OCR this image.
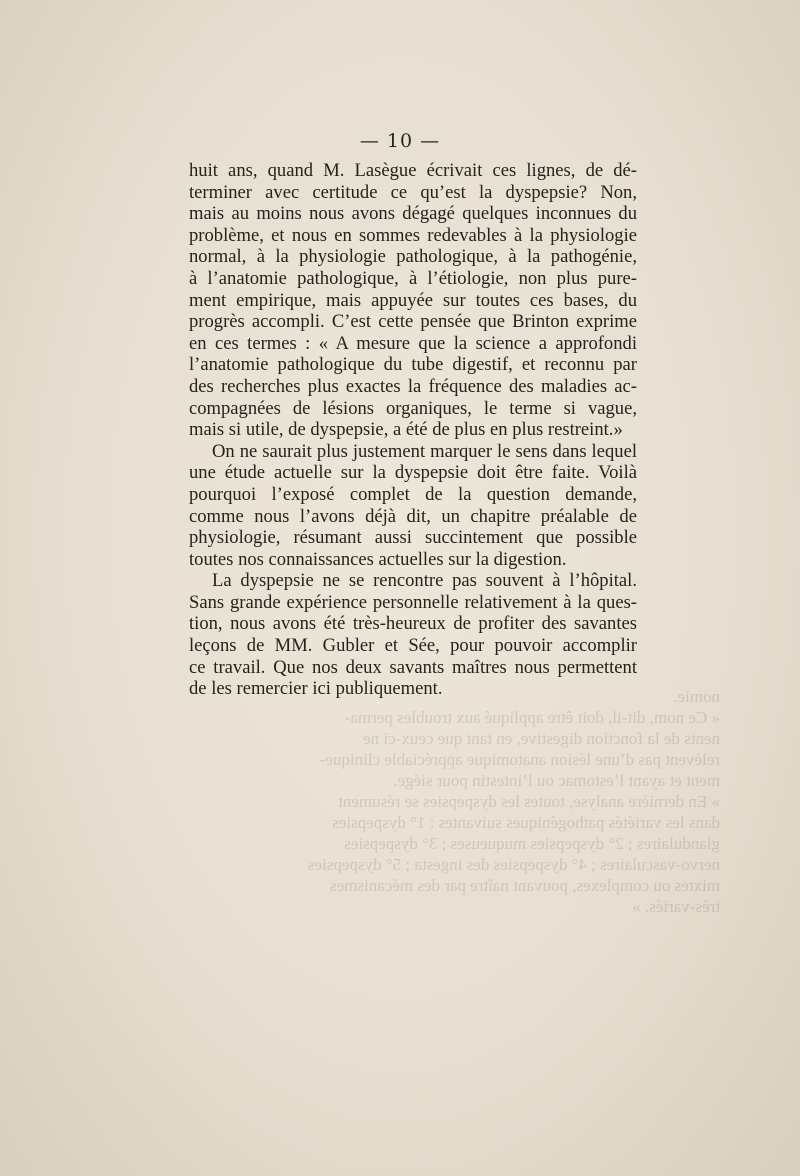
— 10 —
huit ans, quand M. Lasègue écrivait ces lignes, de dé-
terminer avec certitude ce qu’est la dyspepsie? Non,
mais au moins nous avons dégagé quelques inconnues du
problème, et nous en sommes redevables à la physiologie
normal, à la physiologie pathologique, à la pathogénie,
à l’anatomie pathologique, à l’étiologie, non plus pure-
ment empirique, mais appuyée sur toutes ces bases, du
progrès accompli. C’est cette pensée que Brinton exprime
en ces termes : « A mesure que la science a approfondi
l’anatomie pathologique du tube digestif, et reconnu par
des recherches plus exactes la fréquence des maladies ac-
compagnées de lésions organiques, le terme si vague,
mais si utile, de dyspepsie, a été de plus en plus restreint.»
On ne saurait plus justement marquer le sens dans lequel
une étude actuelle sur la dyspepsie doit être faite. Voilà
pourquoi l’exposé complet de la question demande,
comme nous l’avons déjà dit, un chapitre préalable de
physiologie, résumant aussi succintement que possible
toutes nos connaissances actuelles sur la digestion.
La dyspepsie ne se rencontre pas souvent à l’hôpital.
Sans grande expérience personnelle relativement à la ques-
tion, nous avons été très-heureux de profiter des savantes
leçons de MM. Gubler et Sée, pour pouvoir accomplir
ce travail. Que nos deux savants maîtres nous permettent
de les remercier ici publiquement.	nomie.
« Ce nom, dit-il, doit être appliqué aux troubles perma-
nents de la fonction digestive, en tant que ceux-ci ne
relèvent pas d’une lésion anatomique appréciable clinique-
ment et ayant l’estomac ou l’intestin pour siége.
» En dernière analyse, toutes les dyspepsies se résument
dans les variétés pathogéniques suivantes : 1° dyspepsies
glandulaires ; 2° dyspepsies muqueuses ; 3° dyspepsies
nervo-vasculaires ; 4° dyspepsies des ingesta ; 5° dyspepsies
mixtes ou complexes, pouvant naître par des mécanismes
très-variés. »
